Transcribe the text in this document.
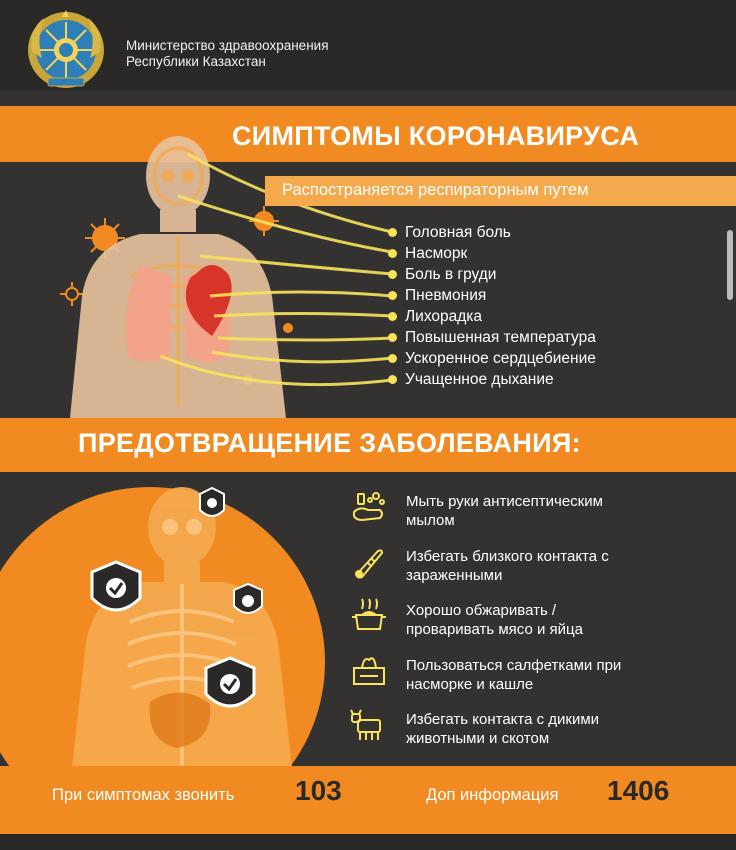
Министерство здравоохранения
Республики Казахстан
СИМПТОМЫ КОРОНАВИРУСА
Распостраняется респираторным путем
Головная боль
Насморк
Боль в груди
Пневмония
Лихорадка
Повышенная температура
Ускоренное сердцебиение
Учащенное дыхание
ПРЕДОТВРАЩЕНИЕ ЗАБОЛЕВАНИЯ:
Мыть руки антисептическим
мылом
Избегать близкого контакта с
зараженными
Хорошо обжаривать /
проваривать мясо и яйца
Пользоваться салфетками при
насморке и кашле
Избегать контакта с дикими
животными и скотом
При симптомах звонить 103	Доп информация 1406
